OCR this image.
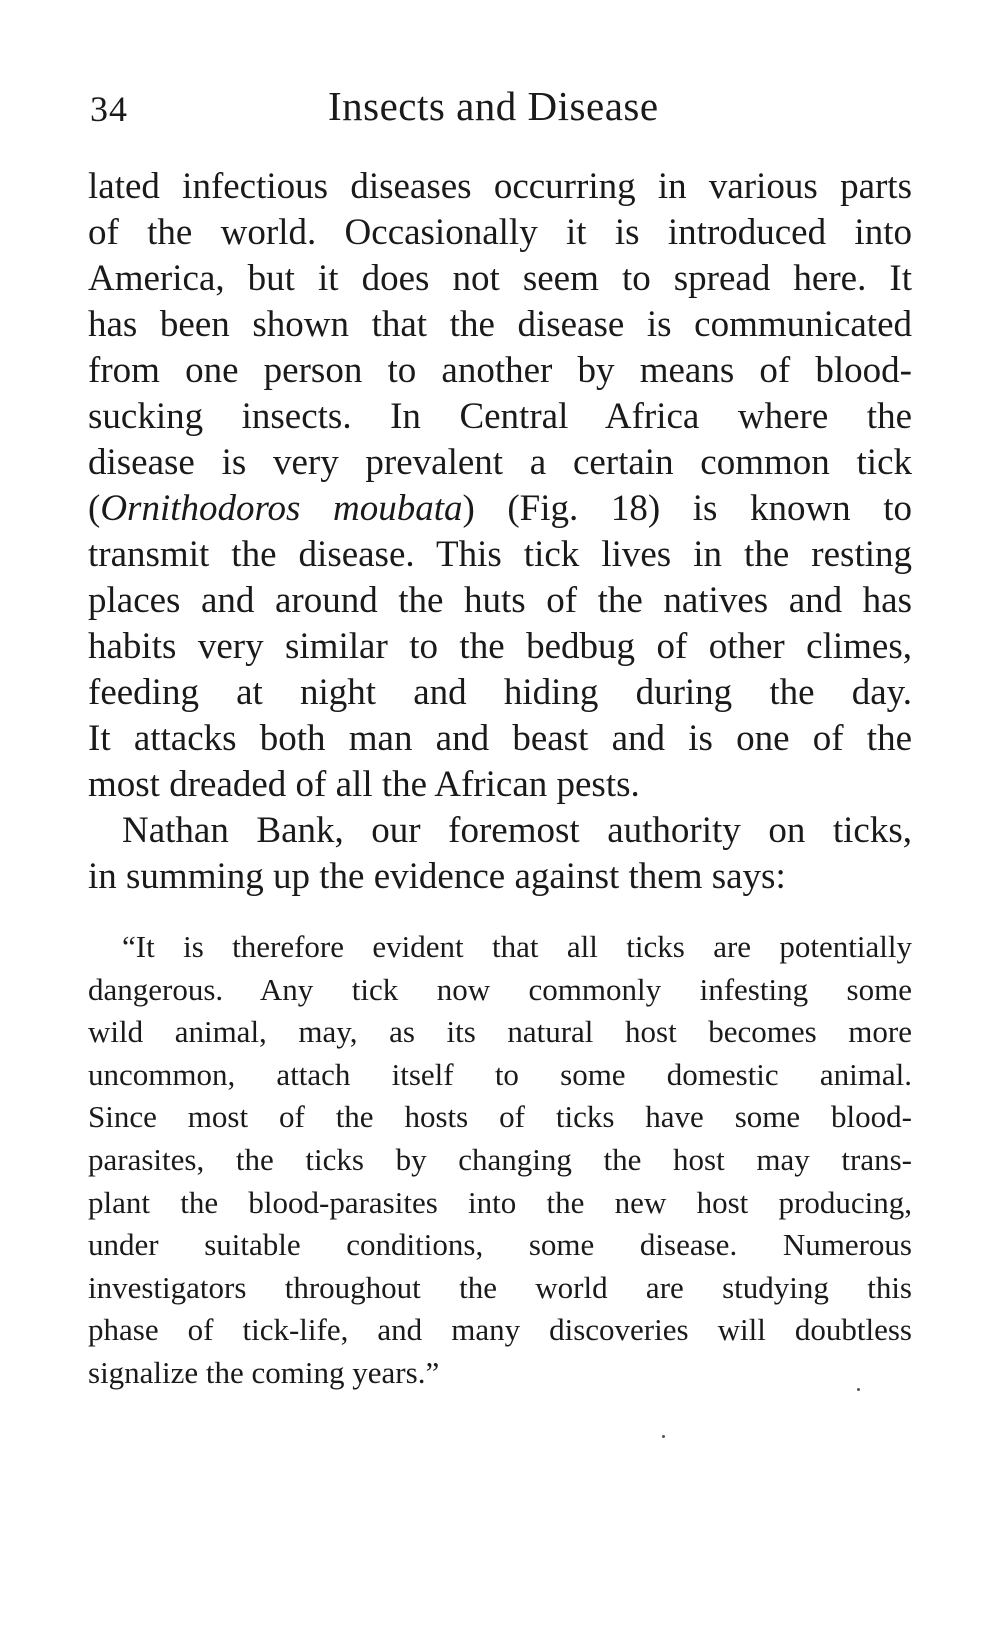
34	Insects and Disease
lated infectious diseases occurring in various parts
of the world. Occasionally it is introduced into
America, but it does not seem to spread here. It
has been shown that the disease is communicated
from one person to another by means of blood-
sucking insects. In Central Africa where the
disease is very prevalent a certain common tick
(Ornithodoros moubata) (Fig. 18) is known to
transmit the disease. This tick lives in the resting
places and around the huts of the natives and has
habits very similar to the bedbug of other climes,
feeding at night and hiding during the day.
It attacks both man and beast and is one of the
most dreaded of all the African pests.
Nathan Bank, our foremost authority on ticks,
in summing up the evidence against them says:
“It is therefore evident that all ticks are potentially
dangerous. Any tick now commonly infesting some
wild animal, may, as its natural host becomes more
uncommon, attach itself to some domestic animal.
Since most of the hosts of ticks have some blood-
parasites, the ticks by changing the host may trans-
plant the blood-parasites into the new host producing,
under suitable conditions, some disease. Numerous
investigators throughout the world are studying this
phase of tick-life, and many discoveries will doubtless
signalize the coming years.”
